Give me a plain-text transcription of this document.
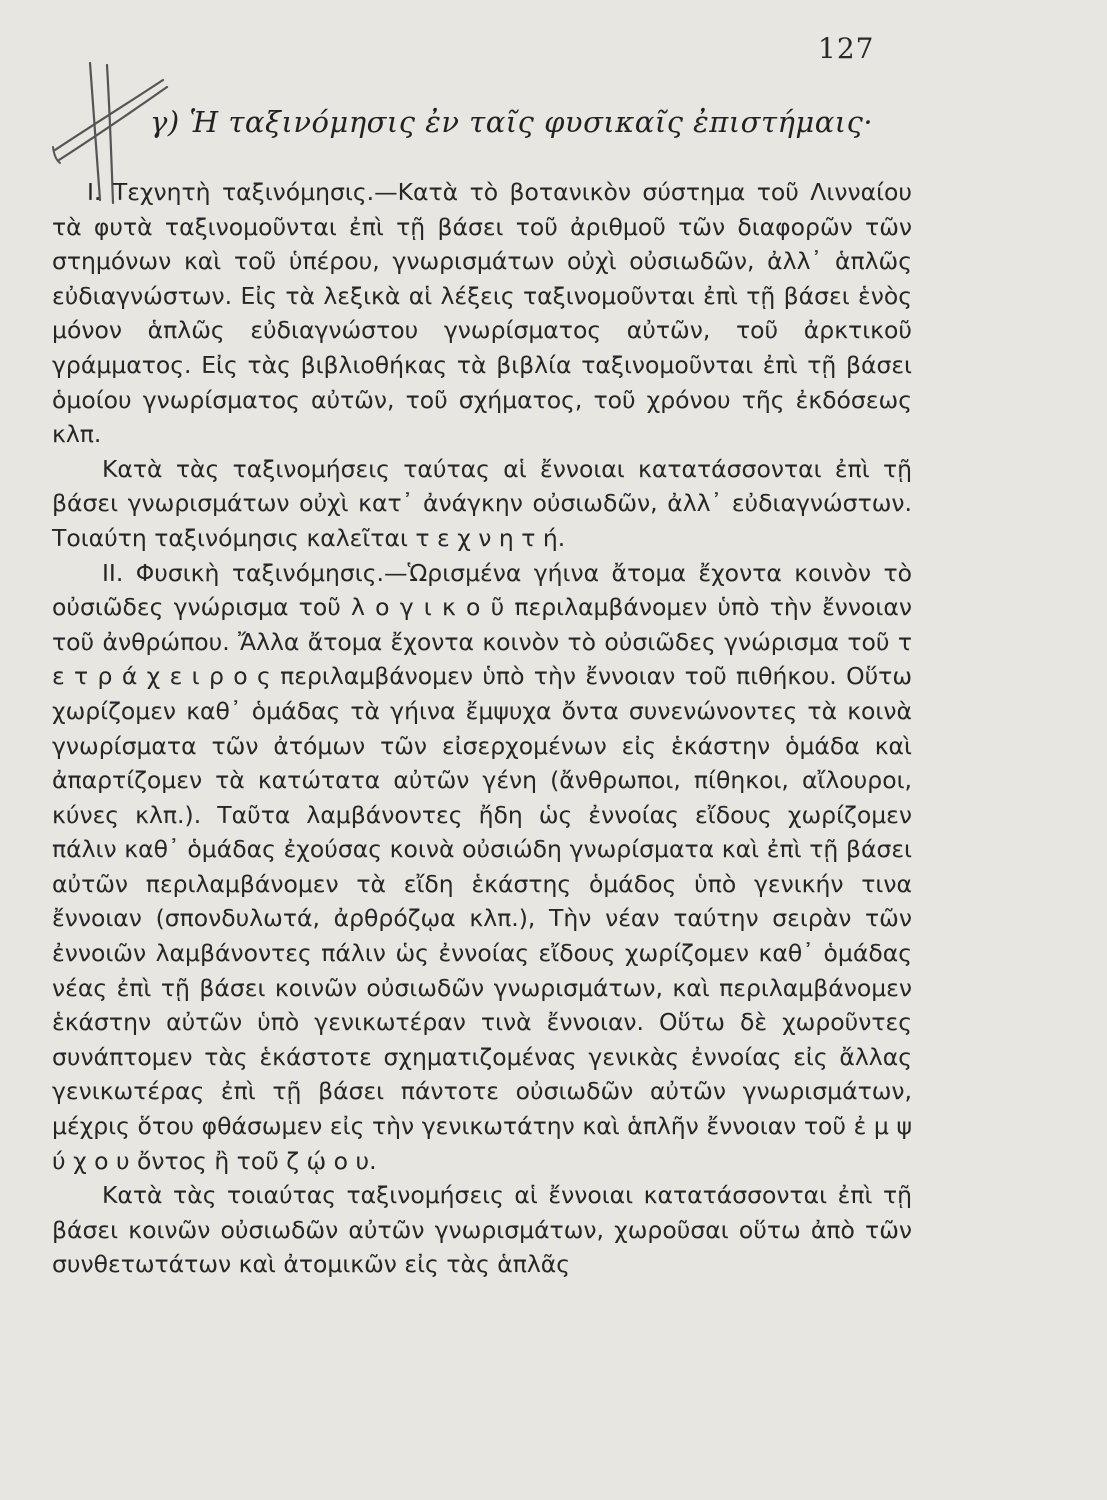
127
γ) Ἡ ταξινόμησις ἐν ταῖς φυσικαῖς ἐπιστήμαις·

Ι. Τεχνητὴ ταξινόμησις.—Κατὰ τὸ βοτανικὸν σύστημα τοῦ Λινναίου τὰ φυτὰ ταξινομοῦνται ἐπὶ τῇ βάσει τοῦ ἀριθμοῦ τῶν διαφορῶν τῶν στημόνων καὶ τοῦ ὑπέρου, γνωρισμάτων οὐχὶ οὐσιωδῶν, ἀλλ᾽ ἁπλῶς εὐδιαγνώστων. Εἰς τὰ λεξικὰ αἱ λέξεις ταξινομοῦνται ἐπὶ τῇ βάσει ἑνὸς μόνον ἁπλῶς εὐδιαγνώστου γνωρίσματος αὐτῶν, τοῦ ἀρκτικοῦ γράμματος. Εἰς τὰς βιβλιοθήκας τὰ βιβλία ταξινομοῦνται ἐπὶ τῇ βάσει ὁμοίου γνωρίσματος αὐτῶν, τοῦ σχήματος, τοῦ χρόνου τῆς ἐκδόσεως κλπ.

Κατὰ τὰς ταξινομήσεις ταύτας αἱ ἔννοιαι κατατάσσονται ἐπὶ τῇ βάσει γνωρισμάτων οὐχὶ κατ᾽ ἀνάγκην οὐσιωδῶν, ἀλλ᾽ εὐδιαγνώστων. Τοιαύτη ταξινόμησις καλεῖται τ ε χ ν η τ ή.

ΙΙ. Φυσικὴ ταξινόμησις.—Ὡρισμένα γήινα ἄτομα ἔχοντα κοινὸν τὸ οὐσιῶδες γνώρισμα τοῦ λ ο γ ι κ ο ῦ περιλαμβάνομεν ὑπὸ τὴν ἔννοιαν τοῦ ἀνθρώπου. Ἄλλα ἄτομα ἔχοντα κοινὸν τὸ οὐσιῶδες γνώρισμα τοῦ τ ε τ ρ ά χ ε ι ρ ο ς περιλαμβάνομεν ὑπὸ τὴν ἔννοιαν τοῦ πιθήκου. Οὕτω χωρίζομεν καθ᾽ ὁμάδας τὰ γήινα ἔμψυχα ὄντα συνενώνοντες τὰ κοινὰ γνωρίσματα τῶν ἀτόμων τῶν εἰσερχομένων εἰς ἑκάστην ὁμάδα καὶ ἀπαρτίζομεν τὰ κατώτατα αὐτῶν γένη (ἄνθρωποι, πίθηκοι, αἴλουροι, κύνες κλπ.). Ταῦτα λαμβάνοντες ἤδη ὡς ἐννοίας εἴδους χωρίζομεν πάλιν καθ᾽ ὁμάδας ἐχούσας κοινὰ οὐσιώδη γνωρίσματα καὶ ἐπὶ τῇ βάσει αὐτῶν περιλαμβάνομεν τὰ εἴδη ἑκάστης ὁμάδος ὑπὸ γενικήν τινα ἔννοιαν (σπονδυλωτά, ἀρθρόζῳα κλπ.), Τὴν νέαν ταύτην σειρὰν τῶν ἐννοιῶν λαμβάνοντες πάλιν ὡς ἐννοίας εἴδους χωρίζομεν καθ᾽ ὁμάδας νέας ἐπὶ τῇ βάσει κοινῶν οὐσιωδῶν γνωρισμάτων, καὶ περιλαμβάνομεν ἑκάστην αὐτῶν ὑπὸ γενικωτέραν τινὰ ἔννοιαν. Οὕτω δὲ χωροῦντες συνάπτομεν τὰς ἑκάστοτε σχηματιζομένας γενικὰς ἐννοίας εἰς ἄλλας γενικωτέρας ἐπὶ τῇ βάσει πάντοτε οὐσιωδῶν αὐτῶν γνωρισμάτων, μέχρις ὅτου φθάσωμεν εἰς τὴν γενικωτάτην καὶ ἁπλῆν ἔννοιαν τοῦ ἐ μ ψ ύ χ ο υ ὄντος ἢ τοῦ ζ ῴ ο υ.

Κατὰ τὰς τοιαύτας ταξινομήσεις αἱ ἔννοιαι κατατάσσονται ἐπὶ τῇ βάσει κοινῶν οὐσιωδῶν αὐτῶν γνωρισμάτων, χωροῦσαι οὕτω ἀπὸ τῶν συνθετωτάτων καὶ ἀτομικῶν εἰς τὰς ἁπλᾶς
